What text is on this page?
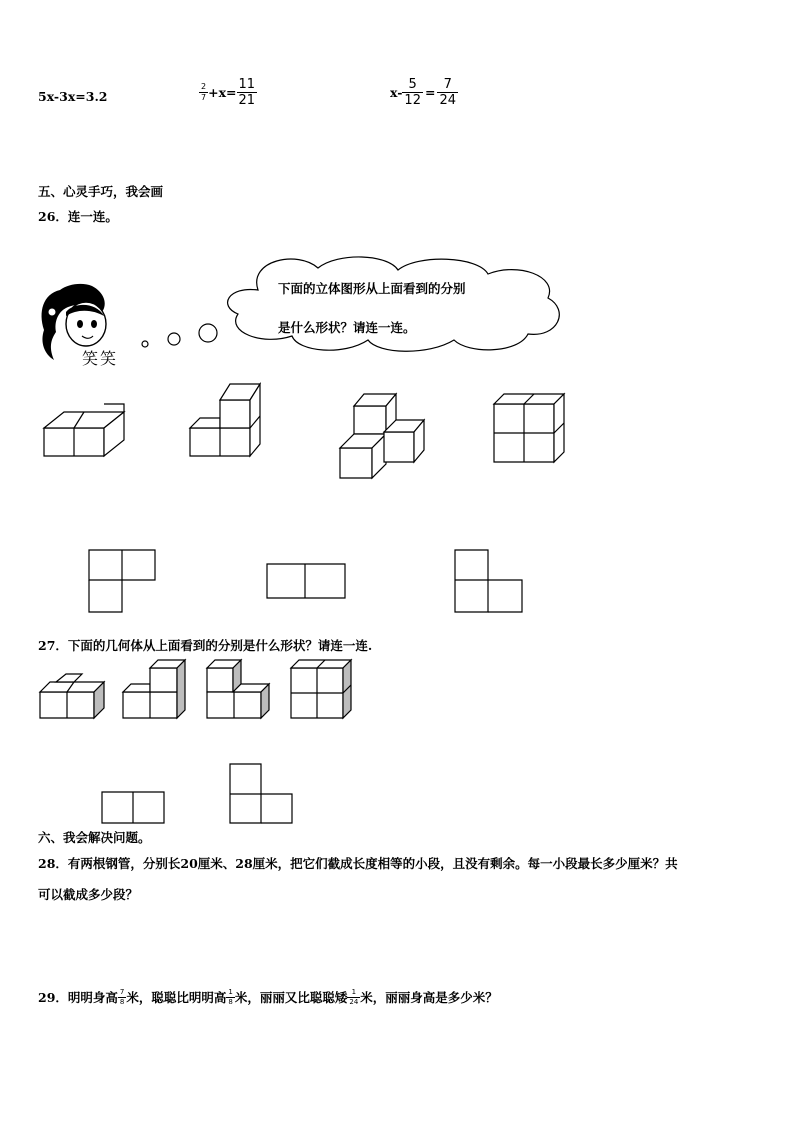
5x-3x=3.2	$\frac{2}{7} +x= \frac{11}{21}$	$x- \frac{5}{12} = \frac{7}{24}$
五、心灵手巧，我会画
26．连一连。
笑笑
下面的立体图形从上面看到的分别
是什么形状？请连一连。
27．下面的几何体从上面看到的分别是什么形状？请连一连.
六、我会解决问题。
28．有两根钢管，分别长20厘米、28厘米，把它们截成长度相等的小段，且没有剩余。每一小段最长多少厘米？共
可以截成多少段？
29．明明身高 $\frac{7}{8}$ 米，聪聪比明明高 $\frac{1}{8}$ 米，丽丽又比聪聪矮 $\frac{1}{24}$ 米，丽丽身高是多少米？
